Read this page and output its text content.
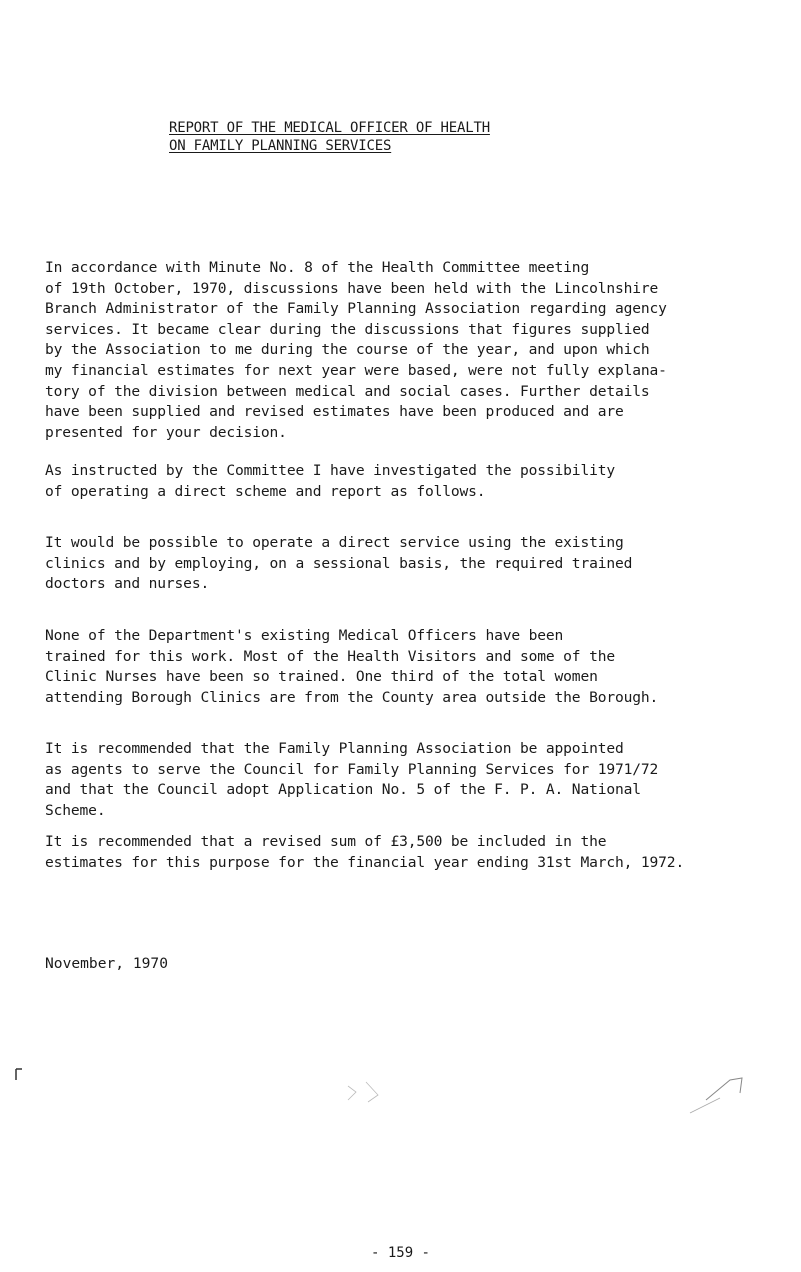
REPORT OF THE MEDICAL OFFICER OF HEALTH
ON FAMILY PLANNING SERVICES
In accordance with Minute No. 8 of the Health Committee meeting
of 19th October, 1970, discussions have been held with the Lincolnshire
Branch Administrator of the Family Planning Association regarding agency
services. It became clear during the discussions that figures supplied
by the Association to me during the course of the year, and upon which
my financial estimates for next year were based, were not fully explana-
tory of the division between medical and social cases. Further details
have been supplied and revised estimates have been produced and are
presented for your decision.
As instructed by the Committee I have investigated the possibility
of operating a direct scheme and report as follows.
It would be possible to operate a direct service using the existing
clinics and by employing, on a sessional basis, the required trained
doctors and nurses.
None of the Department's existing Medical Officers have been
trained for this work. Most of the Health Visitors and some of the
Clinic Nurses have been so trained. One third of the total women
attending Borough Clinics are from the County area outside the Borough.
It is recommended that the Family Planning Association be appointed
as agents to serve the Council for Family Planning Services for 1971/72
and that the Council adopt Application No. 5 of the F. P. A. National
Scheme.
It is recommended that a revised sum of £3,500 be included in the
estimates for this purpose for the financial year ending 31st March, 1972.
November, 1970
- 159 -
